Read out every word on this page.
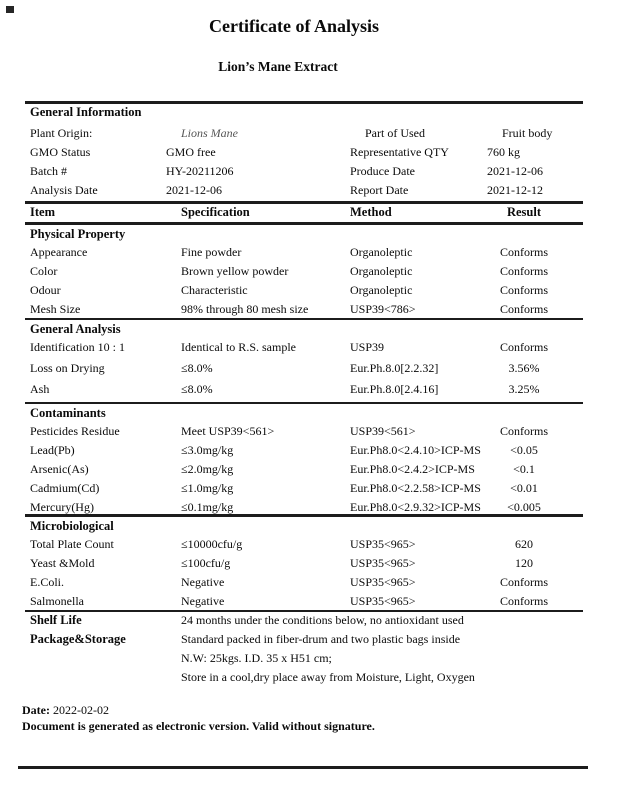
Certificate of Analysis
Lion’s Mane Extract
General Information
Plant Origin:	Lions Mane	Part of Used	Fruit body
GMO Status	GMO free	Representative QTY	760 kg
Batch #	HY-20211206	Produce Date	2021-12-06
Analysis Date	2021-12-06	Report Date	2021-12-12
Item	Specification	Method	Result
Physical Property
Appearance	Fine powder	Organoleptic	Conforms
Color	Brown yellow powder	Organoleptic	Conforms
Odour	Characteristic	Organoleptic	Conforms
Mesh Size	98% through 80 mesh size	USP39<786>	Conforms
General Analysis
Identification 10 : 1	Identical to R.S. sample	USP39	Conforms
Loss on Drying	≤8.0%	Eur.Ph.8.0[2.2.32]	3.56%
Ash	≤8.0%	Eur.Ph.8.0[2.4.16]	3.25%
Contaminants
Pesticides Residue	Meet USP39<561>	USP39<561>	Conforms
Lead(Pb)	≤3.0mg/kg	Eur.Ph8.0<2.4.10>ICP-MS	<0.05
Arsenic(As)	≤2.0mg/kg	Eur.Ph8.0<2.4.2>ICP-MS	<0.1
Cadmium(Cd)	≤1.0mg/kg	Eur.Ph8.0<2.2.58>ICP-MS	<0.01
Mercury(Hg)	≤0.1mg/kg	Eur.Ph8.0<2.9.32>ICP-MS	<0.005
Microbiological
Total Plate Count	≤10000cfu/g	USP35<965>	620
Yeast &Mold	≤100cfu/g	USP35<965>	120
E.Coli.	Negative	USP35<965>	Conforms
Salmonella	Negative	USP35<965>	Conforms
Shelf Life	24 months under the conditions below, no antioxidant used
Package&Storage	Standard packed in fiber-drum and two plastic bags inside
N.W: 25kgs. I.D. 35 x H51 cm;
Store in a cool,dry place away from Moisture, Light, Oxygen
Date: 2022-02-02
Document is generated as electronic version. Valid without signature.
